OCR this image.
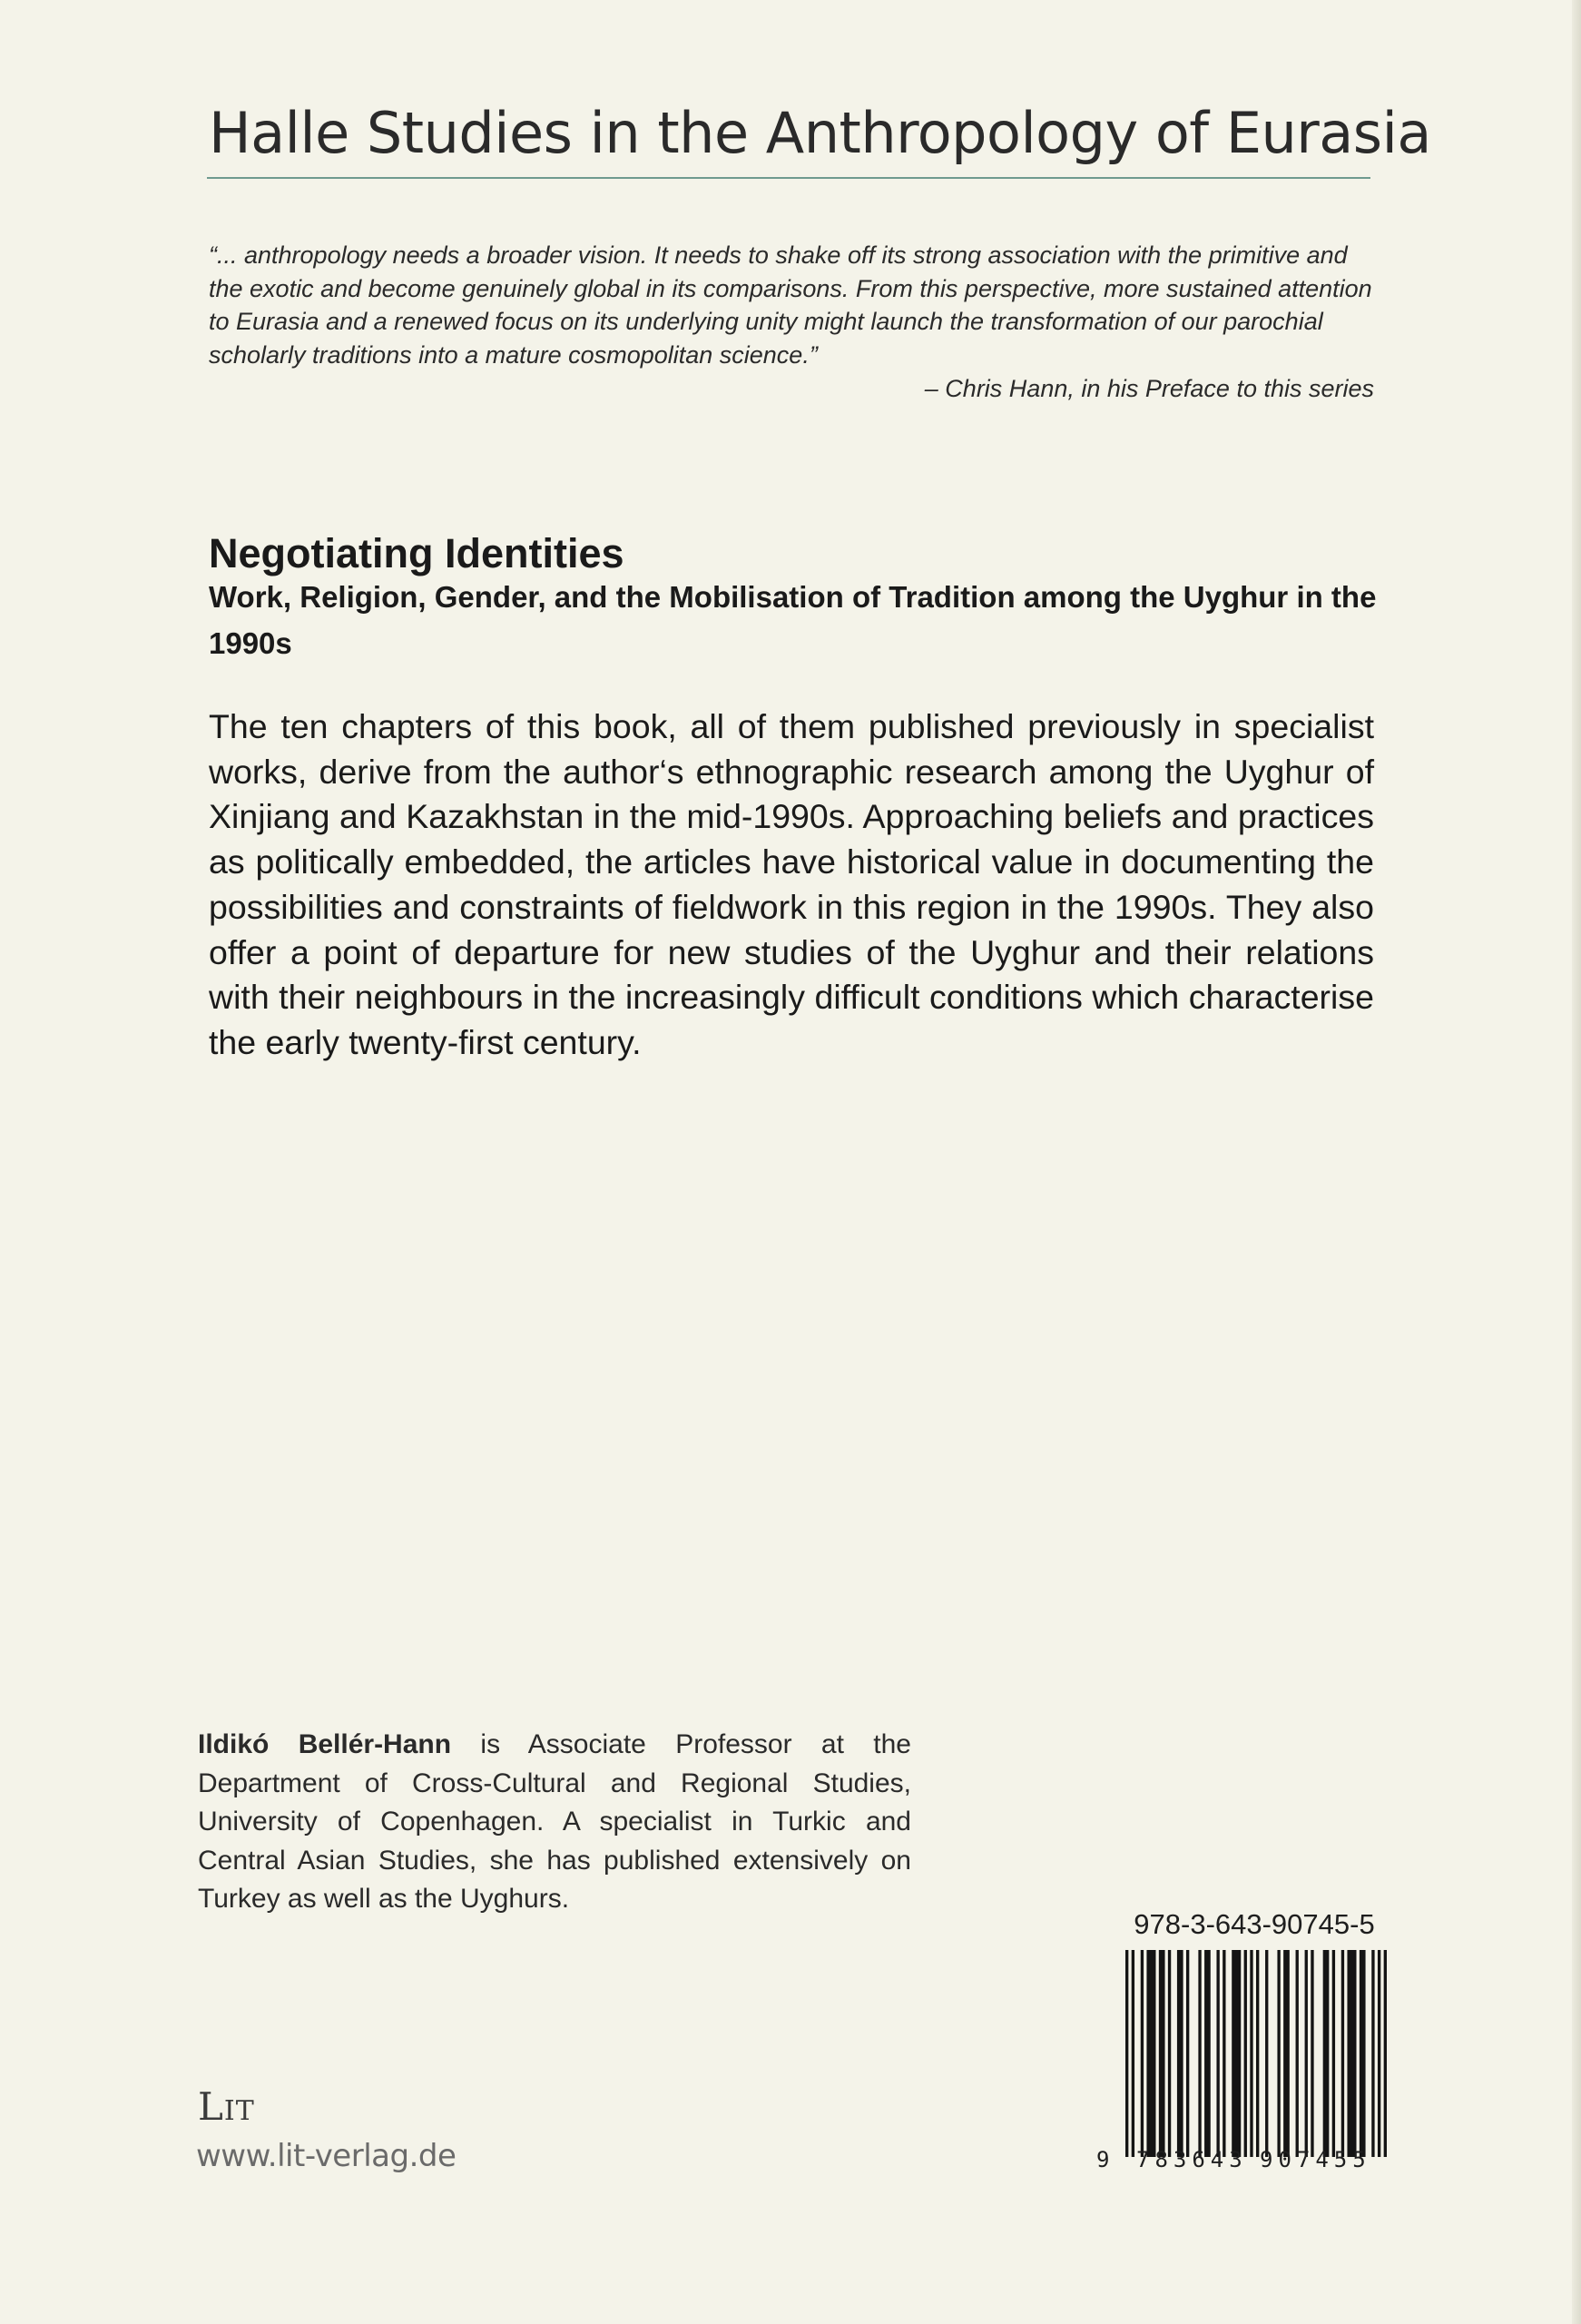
Halle Studies in the Anthropology of Eurasia

“... anthropology needs a broader vision. It needs to shake off its strong association with the primitive and the exotic and become genuinely global in its comparisons. From this perspective, more sustained attention to Eurasia and a renewed focus on its underlying unity might launch the transformation of our parochial scholarly traditions into a mature cosmopolitan science.”

– Chris Hann, in his Preface to this series
Negotiating Identities

Work, Religion, Gender, and the Mobilisation of Tradition among the Uyghur in the 1990s

The ten chapters of this book, all of them published previously in specialist works, derive from the author‘s ethnographic research among the Uyghur of Xinjiang and Kazakhstan in the mid-1990s. Approaching beliefs and practices as politically embedded, the articles have historical value in documenting the possibilities and constraints of fieldwork in this region in the 1990s. They also offer a point of departure for new studies of the Uyghur and their relations with their neighbours in the increasingly difficult conditions which characterise the early twenty-first century.

Ildikó Bellér-Hann is Associate Professor at the Department of Cross-Cultural and Regional Studies, University of Copenhagen. A specialist in Turkic and Central Asian Studies, she has published extensively on Turkey as well as the Uyghurs.

978-3-643-90745-5
9 783643 907455
LIT
www.lit-verlag.de
